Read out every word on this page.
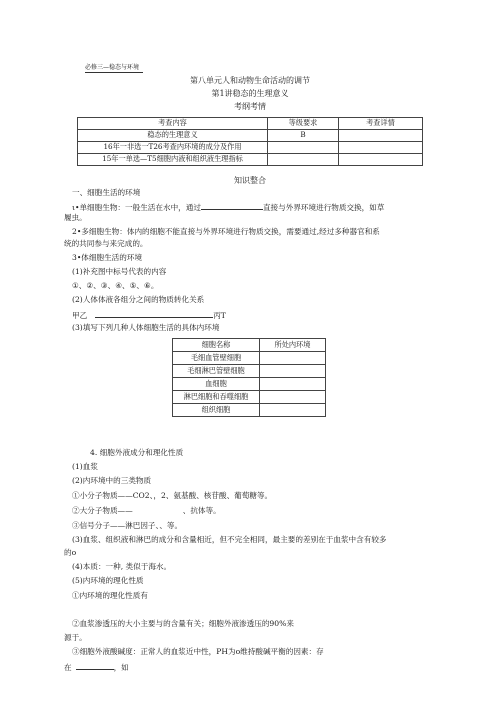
必修三—稳态与环境
第八单元人和动物生命活动的调节
第1讲稳态的生理意义
考纲考情
考查内容	等级要求	考查详情
稳态的生理意义	B	
16年一非选一T26考查内环境的成分及作用		
15年一单选—T5细胞内液和组织液生理指标		
知识整合
一、细胞生活的环境
ι•单细胞生物：一般生活在水中，通过	直接与外界环境进行物质交换，如草
履虫。
2•多细胞生物：体内的细胞不能直接与外界环境进行物质交换，需要通过,经过多种器官和系
统的共同参与来完成的。
3•体细胞生活的环境
(1)补充图中标号代表的内容
①、②、③、④、⑤、⑥。
(2)人体体液各组分之间的物质转化关系
甲乙	丙T
(3)填写下列几种人体细胞生活的具体内环境
细胞名称	所处内环境
毛细血管壁细胞	
毛细淋巴管壁细胞	
血细胞	
淋巴细胞和吞噬细胞	
组织细胞	
4. 细胞外液成分和理化性质
(1)血浆
(2)内环境中的三类物质
①小分子物质——CO2、，2、氨基酸、核苷酸、葡萄糖等。
②大分子物质——	、抗体等。
③信号分子——淋巴因子、、等。
(3)血浆、组织液和淋巴的成分和含量相近，但不完全相同，最主要的差别在于血浆中含有较多
的o
(4)本质：一种, 类似于海水。
(5)内环境的理化性质
①内环境的理化性质有
②血浆渗透压的大小主要与的含量有关；细胞外液渗透压的90%来
源于。
③细胞外液酸碱度：正常人的血浆近中性，PH为o维持酸碱平衡的因素：存
在	，如
